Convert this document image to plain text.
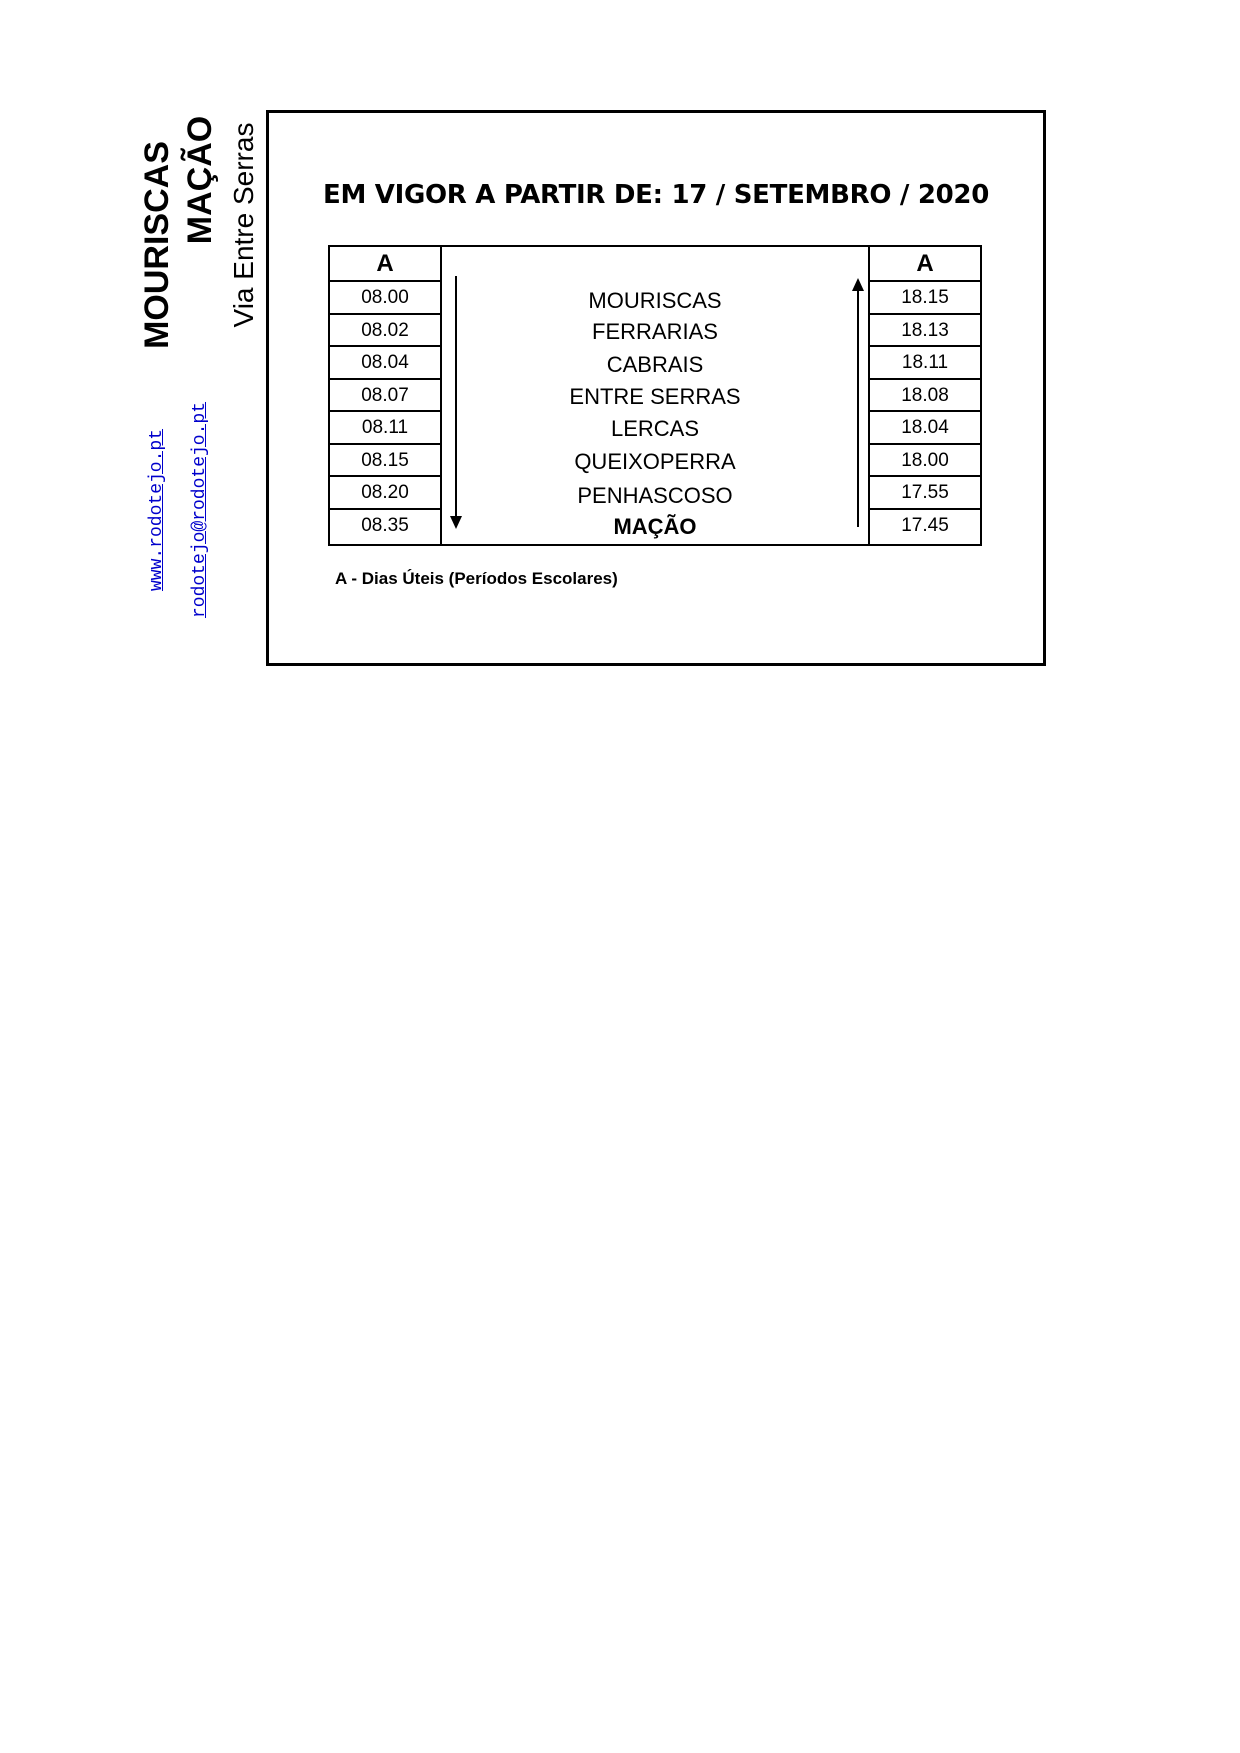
MOURISCAS MAÇÃO Via Entre Serras
www.rodotejo.pt rodotejo@rodotejo.pt
EM VIGOR A PARTIR DE: 17 / SETEMBRO / 2020
A - Dias Úteis (Períodos Escolares)
A
08.00
08.02
08.04
08.07
08.11
08.15
08.20
08.35
MOURISCAS
FERRARIAS
CABRAIS
ENTRE SERRAS
LERCAS
QUEIXOPERRA
PENHASCOSO
MAÇÃO
A
18.15
18.13
18.11
18.08
18.04
18.00
17.55
17.45
